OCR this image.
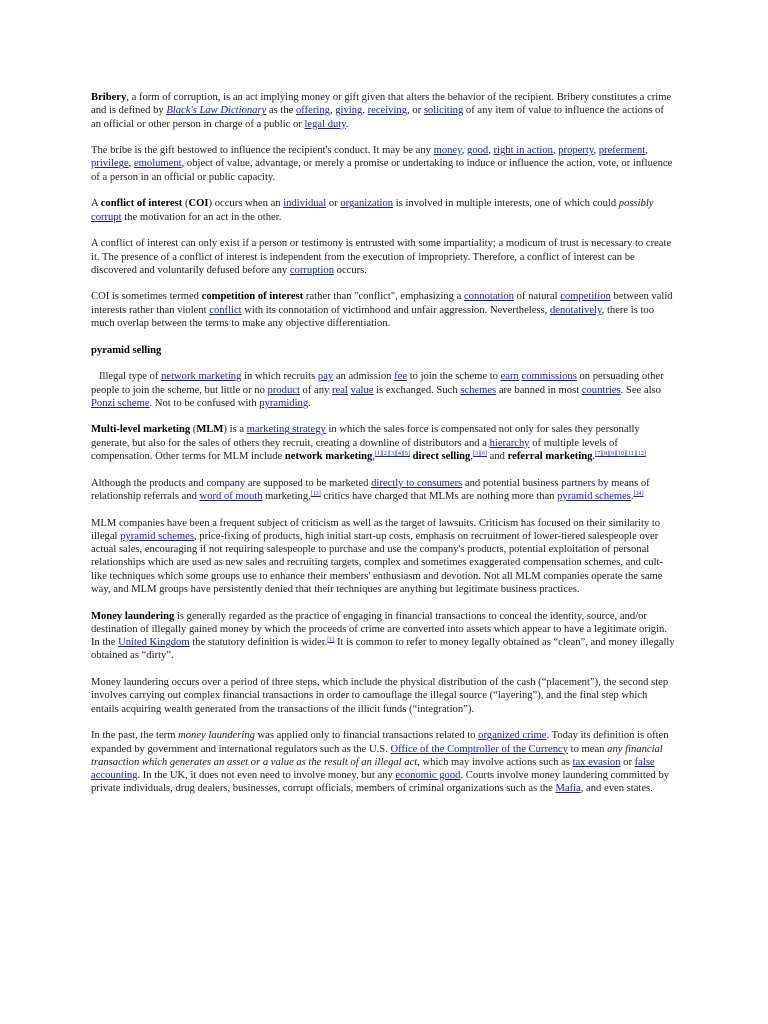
Bribery, a form of corruption, is an act implying money or gift given that alters the behavior of the recipient. Bribery constitutes a crime and is defined by Black's Law Dictionary as the offering, giving, receiving, or soliciting of any item of value to influence the actions of an official or other person in charge of a public or legal duty.

The bribe is the gift bestowed to influence the recipient's conduct. It may be any money, good, right in action, property, preferment, privilege, emolument, object of value, advantage, or merely a promise or undertaking to induce or influence the action, vote, or influence of a person in an official or public capacity.

A conflict of interest (COI) occurs when an individual or organization is involved in multiple interests, one of which could possibly corrupt the motivation for an act in the other.

A conflict of interest can only exist if a person or testimony is entrusted with some impartiality; a modicum of trust is necessary to create it. The presence of a conflict of interest is independent from the execution of impropriety. Therefore, a conflict of interest can be discovered and voluntarily defused before any corruption occurs.

COI is sometimes termed competition of interest rather than "conflict", emphasizing a connotation of natural competition between valid interests rather than violent conflict with its connotation of victimhood and unfair aggression. Nevertheless, denotatively, there is too much overlap between the terms to make any objective differentiation.

pyramid selling

Illegal type of network marketing in which recruits pay an admission fee to join the scheme to earn commissions on persuading other people to join the scheme, but little or no product of any real value is exchanged. Such schemes are banned in most countries. See also Ponzi scheme. Not to be confused with pyramiding.

Multi-level marketing (MLM) is a marketing strategy in which the sales force is compensated not only for sales they personally generate, but also for the sales of others they recruit, creating a downline of distributors and a hierarchy of multiple levels of compensation. Other terms for MLM include network marketing,[1][2][3][4][5] direct selling,[3][6] and referral marketing.[7][8][9][10][11][12]

Although the products and company are supposed to be marketed directly to consumers and potential business partners by means of relationship referrals and word of mouth marketing,[13] critics have charged that MLMs are nothing more than pyramid schemes.[14]

MLM companies have been a frequent subject of criticism as well as the target of lawsuits. Criticism has focused on their similarity to illegal pyramid schemes, price-fixing of products, high initial start-up costs, emphasis on recruitment of lower-tiered salespeople over actual sales, encouraging if not requiring salespeople to purchase and use the company's products, potential exploitation of personal relationships which are used as new sales and recruiting targets, complex and sometimes exaggerated compensation schemes, and cult-like techniques which some groups use to enhance their members' enthusiasm and devotion. Not all MLM companies operate the same way, and MLM groups have persistently denied that their techniques are anything but legitimate business practices.

Money laundering is generally regarded as the practice of engaging in financial transactions to conceal the identity, source, and/or destination of illegally gained money by which the proceeds of crime are converted into assets which appear to have a legitimate origin. In the United Kingdom the statutory definition is wider.[1] It is common to refer to money legally obtained as “clean”, and money illegally obtained as “dirty”.

Money laundering occurs over a period of three steps, which include the physical distribution of the cash (“placement”), the second step involves carrying out complex financial transactions in order to camouflage the illegal source (“layering”), and the final step which entails acquiring wealth generated from the transactions of the illicit funds (“integration”).

In the past, the term money laundering was applied only to financial transactions related to organized crime. Today its definition is often expanded by government and international regulators such as the U.S. Office of the Comptroller of the Currency to mean any financial transaction which generates an asset or a value as the result of an illegal act, which may involve actions such as tax evasion or false accounting. In the UK, it does not even need to involve money, but any economic good. Courts involve money laundering committed by private individuals, drug dealers, businesses, corrupt officials, members of criminal organizations such as the Mafia, and even states.
